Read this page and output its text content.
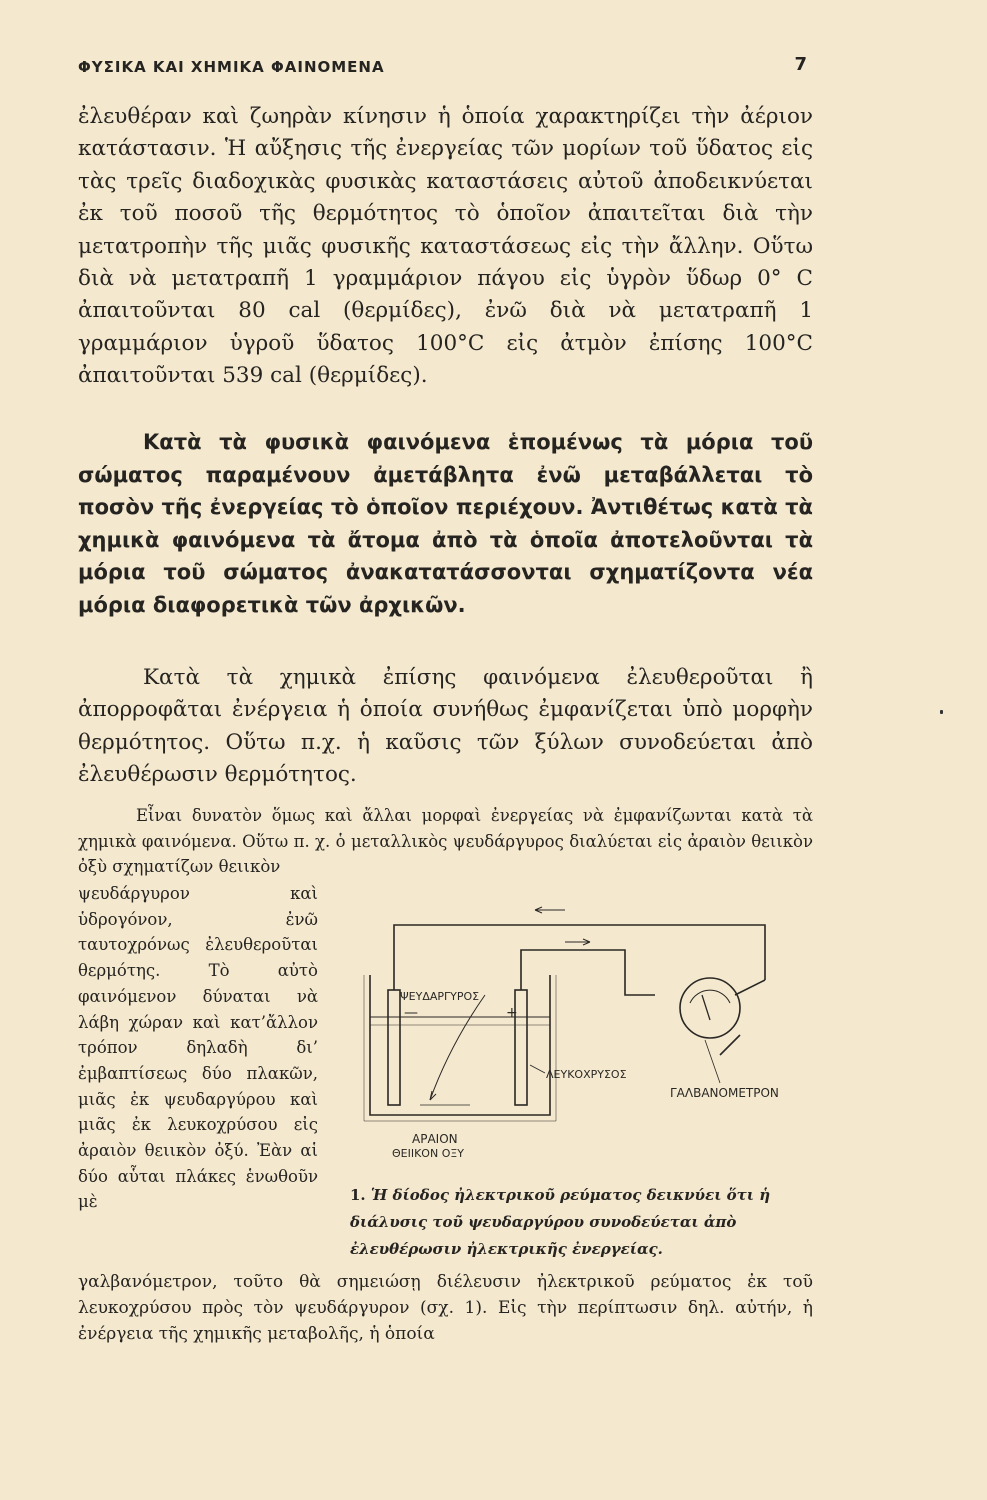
ΦΥΣΙΚΑ ΚΑΙ ΧΗΜΙΚΑ ΦΑΙΝΟΜΕΝΑ	7
ἐλευθέραν καὶ ζωηρὰν κίνησιν ἡ ὁποία χαρακτηρίζει τὴν ἀέριον κατάστασιν. Ἡ αὔξησις τῆς ἐνεργείας τῶν μορίων τοῦ ὕδατος εἰς τὰς τρεῖς διαδοχικὰς φυσικὰς καταστάσεις αὐτοῦ ἀποδεικνύεται ἐκ τοῦ ποσοῦ τῆς θερμότητος τὸ ὁποῖον ἀπαιτεῖται διὰ τὴν μετατροπὴν τῆς μιᾶς φυσικῆς καταστάσεως εἰς τὴν ἄλλην. Οὕτω διὰ νὰ μετατραπῆ 1 γραμμάριον πάγου εἰς ὑγρὸν ὕδωρ 0° C ἀπαιτοῦνται 80 cal (θερμίδες), ἐνῶ διὰ νὰ μετατραπῆ 1 γραμμάριον ὑγροῦ ὕδατος 100°C εἰς ἀτμὸν ἐπίσης 100°C ἀπαιτοῦνται 539 cal (θερμίδες).
Κατὰ τὰ φυσικὰ φαινόμενα ἑπομένως τὰ μόρια τοῦ σώματος παραμένουν ἀμετάβλητα ἐνῶ μεταβάλλεται τὸ ποσὸν τῆς ἐνεργείας τὸ ὁποῖον περιέχουν. Ἀντιθέτως κατὰ τὰ χημικὰ φαινόμενα τὰ ἄτομα ἀπὸ τὰ ὁποῖα ἀποτελοῦνται τὰ μόρια τοῦ σώματος ἀνακατατάσσονται σχηματίζοντα νέα μόρια διαφορετικὰ τῶν ἀρχικῶν.
Κατὰ τὰ χημικὰ ἐπίσης φαινόμενα ἐλευθεροῦται ἢ ἀπορροφᾶται ἐνέργεια ἡ ὁποία συνήθως ἐμφανίζεται ὑπὸ μορφὴν θερμότητος. Οὕτω π.χ. ἡ καῦσις τῶν ξύλων συνοδεύεται ἀπὸ ἐλευθέρωσιν θερμότητος.
Εἶναι δυνατὸν ὅμως καὶ ἄλλαι μορφαὶ ἐνεργείας νὰ ἐμφανίζωνται κατὰ τὰ χημικὰ φαινόμενα. Οὕτω π. χ. ὁ μεταλλικὸς ψευδάργυρος διαλύεται εἰς ἀραιὸν θειικὸν ὀξὺ σχηματίζων θειικὸν
ψευδάργυρον καὶ ὑδρογόνον, ἐνῶ ταυτοχρόνως ἐλευθεροῦται θερμότης. Τὸ αὐτὸ φαινόμενον δύναται νὰ λάβη χώραν καὶ κατ’ἄλλον τρόπον δηλαδὴ δι’ ἐμβαπτίσεως δύο πλακῶν, μιᾶς ἐκ ψευδαργύρου καὶ μιᾶς ἐκ λευκοχρύσου εἰς ἀραιὸν θειικὸν ὀξύ. Ἐὰν αἱ δύο αὗται πλάκες ἑνωθοῦν μὲ
ΨΕΥΔΑΡΓΥΡΟΣ
—	+
ΛΕΥΚΟΧΡΥΣΟΣ
ΓΑΛΒΑΝΟΜΕΤΡΟΝ
ΑΡΑΙΟΝ
ΘΕΙΙΚΟΝ ΟΞΥ
1. Ἡ δίοδος ἠλεκτρικοῦ ρεύματος δεικνύει ὅτι ἡ διάλυσις τοῦ ψευδαργύρου συνοδεύεται ἀπὸ ἐλευθέρωσιν ἠλεκτρικῆς ἐνεργείας.
γαλβανόμετρον, τοῦτο θὰ σημειώσῃ διέλευσιν ἠλεκτρικοῦ ρεύματος ἐκ τοῦ λευκοχρύσου πρὸς τὸν ψευδάργυρον (σχ. 1). Εἰς τὴν περίπτωσιν δηλ. αὐτήν, ἡ ἐνέργεια τῆς χημικῆς μεταβολῆς, ἡ ὁποία
